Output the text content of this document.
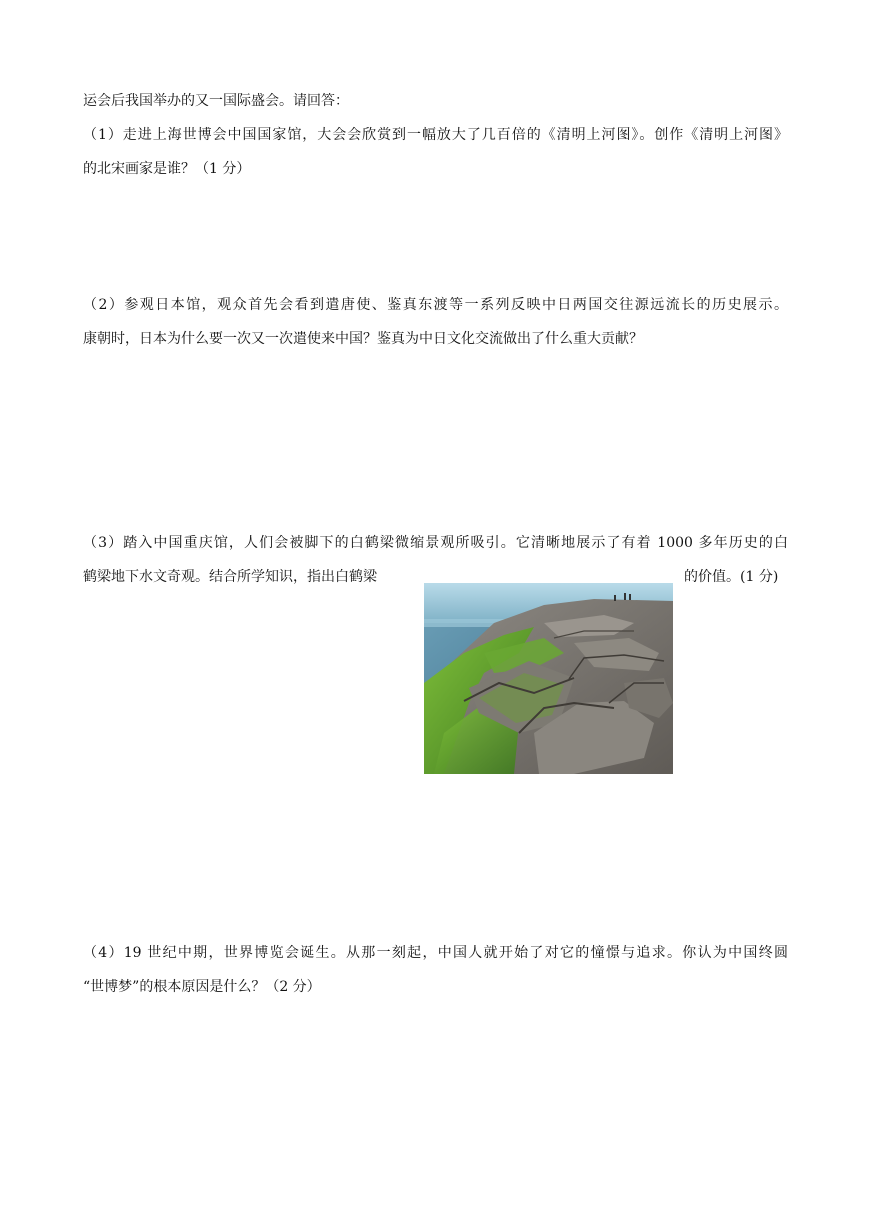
运会后我国举办的又一国际盛会。请回答：
（1）走进上海世博会中国国家馆，大会会欣赏到一幅放大了几百倍的《清明上河图》。创作《清明上河图》
的北宋画家是谁？（1 分）
（2）参观日本馆，观众首先会看到遣唐使、鉴真东渡等一系列反映中日两国交往源远流长的历史展示。
康朝时，日本为什么要一次又一次遣使来中国？鉴真为中日文化交流做出了什么重大贡献？
（3）踏入中国重庆馆，人们会被脚下的白鹤梁微缩景观所吸引。它清晰地展示了有着 1000 多年历史的白
鹤梁地下水文奇观。结合所学知识，指出白鹤梁	的价值。(1 分)
（4）19 世纪中期，世界博览会诞生。从那一刻起，中国人就开始了对它的憧憬与追求。你认为中国终圆
“世博梦”的根本原因是什么？（2 分）
